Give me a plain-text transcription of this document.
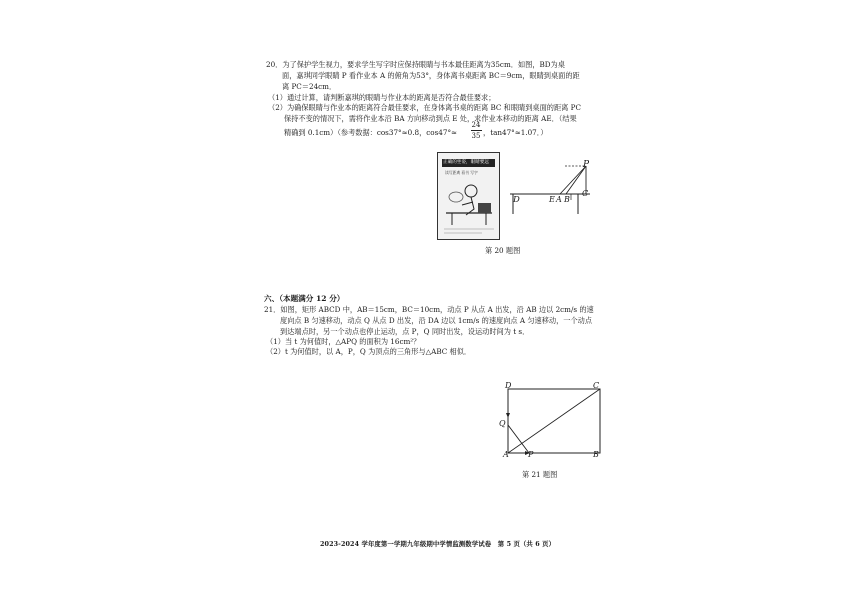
20．为了保护学生视力，要求学生写字时应保持眼睛与书本最佳距离为35cm．如图，BD为桌
面，嘉琪同学眼睛 P 看作业本 A 的俯角为53°，身体离书桌距离 BC＝9cm，眼睛到桌面的距
离 PC＝24cm．
（1）通过计算，请判断嘉琪的眼睛与作业本的距离是否符合最佳要求；
（2）为确保眼睛与作业本的距离符合最佳要求，在身体离书桌的距离 BC 和眼睛到桌面的距离 PC
保持不变的情况下，需将作业本沿 BA 方向移动到点 E 处，求作业本移动的距离 AE．（结果
精确到 0.1cm）（参考数据：cos37°≈0.8，cos47°≈
24
35 ，tan47°≈1.07．）
正确的坐姿，眼睛要远
读写距离 看书 写字
P
C
D	E A B
第 20 题图
六、（本题满分 12 分）
21．如图，矩形 ABCD 中，AB＝15cm，BC＝10cm，动点 P 从点 A 出发，沿 AB 边以 2cm/s 的速
度向点 B 匀速移动，动点 Q 从点 D 出发，沿 DA 边以 1cm/s 的速度向点 A 匀速移动，一个动点
到达端点时，另一个动点也停止运动，点 P，Q 同时出发，设运动时间为 t s．
（1）当 t 为何值时，△APQ 的面积为 16cm²？
（2）t 为何值时，以 A，P，Q 为顶点的三角形与△ABC 相似．
D	C
Q
A P	B
第 21 题图
2023-2024 学年度第一学期九年级期中学情监测数学试卷　第 5 页（共 6 页）
